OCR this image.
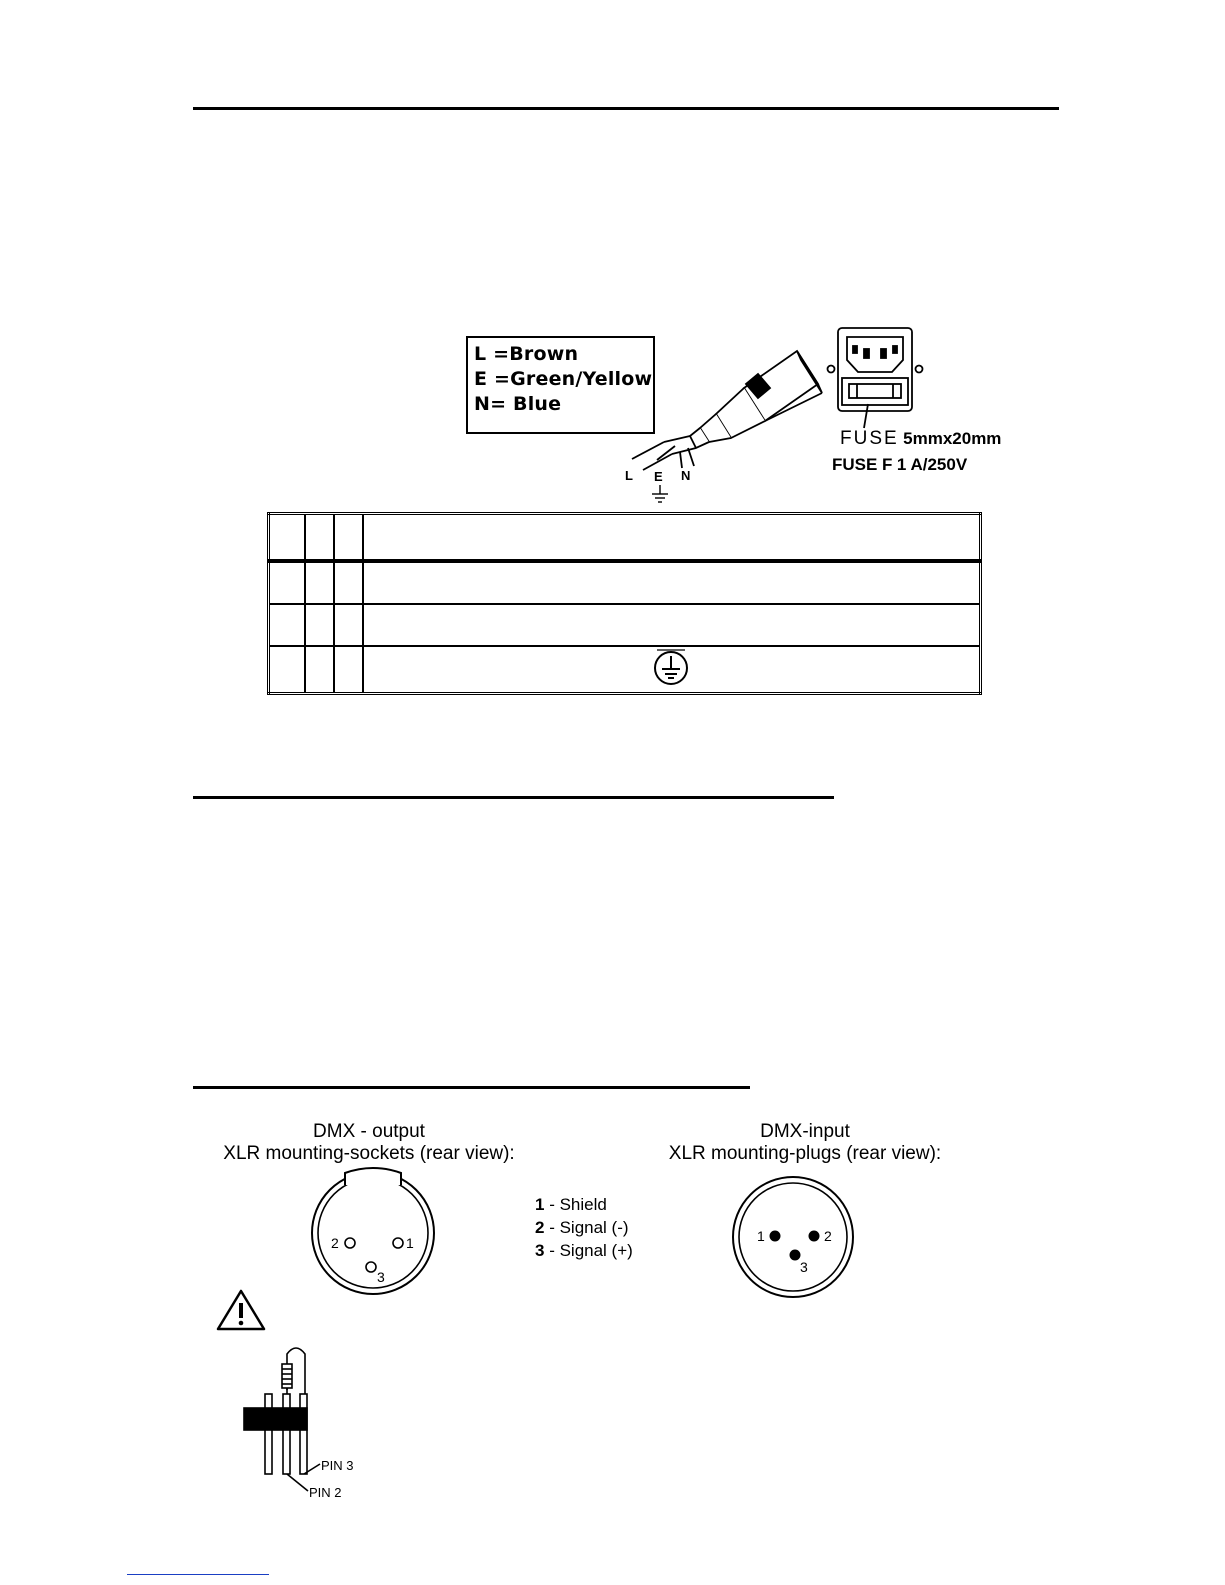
L =Brown
E =Green/Yellow
N= Blue
L E N
2	1
3
1	2
3
PIN 3
PIN 2
FUSE 5mmx20mm
FUSE F 1 A/250V

DMX - output
XLR mounting-sockets (rear view):
DMX-input
XLR mounting-plugs (rear view):
1 - Shield
2 - Signal (-)
3 - Signal (+)
